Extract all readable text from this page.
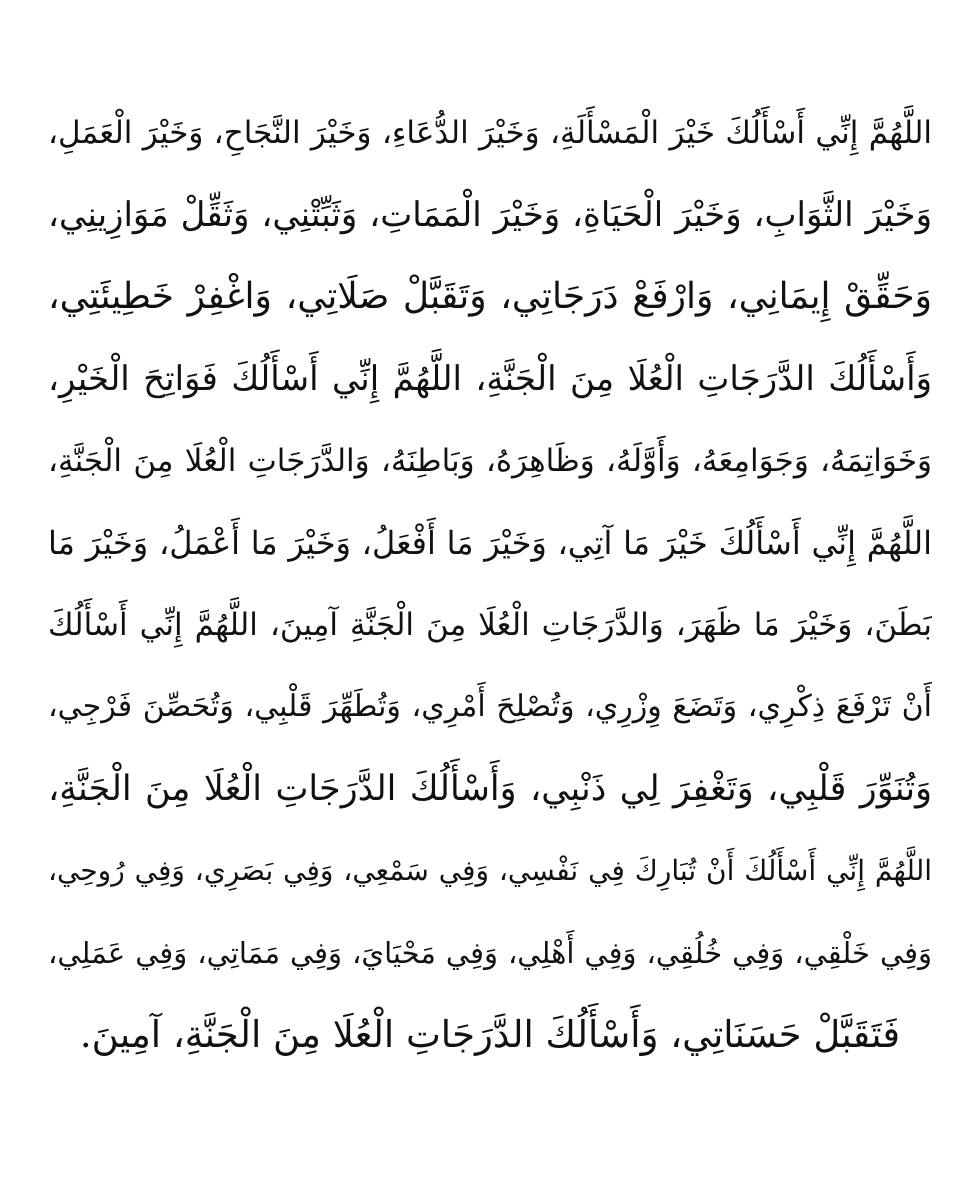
اللَّهُمَّ إِنِّي أَسْأَلُكَ خَيْرَ الْمَسْأَلَةِ، وَخَيْرَ الدُّعَاءِ، وَخَيْرَ النَّجَاحِ، وَخَيْرَ الْعَمَلِ،
وَخَيْرَ الثَّوَابِ، وَخَيْرَ الْحَيَاةِ، وَخَيْرَ الْمَمَاتِ، وَثَبِّتْنِي، وَثَقِّلْ مَوَازِينِي،
وَحَقِّقْ إِيمَانِي، وَارْفَعْ دَرَجَاتِي، وَتَقَبَّلْ صَلَاتِي، وَاغْفِرْ خَطِيئَتِي،
وَأَسْأَلُكَ الدَّرَجَاتِ الْعُلَا مِنَ الْجَنَّةِ، اللَّهُمَّ إِنِّي أَسْأَلُكَ فَوَاتِحَ الْخَيْرِ،
وَخَوَاتِمَهُ، وَجَوَامِعَهُ، وَأَوَّلَهُ، وَظَاهِرَهُ، وَبَاطِنَهُ، وَالدَّرَجَاتِ الْعُلَا مِنَ الْجَنَّةِ،
اللَّهُمَّ إِنِّي أَسْأَلُكَ خَيْرَ مَا آتِي، وَخَيْرَ مَا أَفْعَلُ، وَخَيْرَ مَا أَعْمَلُ، وَخَيْرَ مَا
بَطَنَ، وَخَيْرَ مَا ظَهَرَ، وَالدَّرَجَاتِ الْعُلَا مِنَ الْجَنَّةِ آمِينَ، اللَّهُمَّ إِنِّي أَسْأَلُكَ
أَنْ تَرْفَعَ ذِكْرِي، وَتَضَعَ وِزْرِي، وَتُصْلِحَ أَمْرِي، وَتُطَهِّرَ قَلْبِي، وَتُحَصِّنَ فَرْجِي،
وَتُنَوِّرَ قَلْبِي، وَتَغْفِرَ لِي ذَنْبِي، وَأَسْأَلُكَ الدَّرَجَاتِ الْعُلَا مِنَ الْجَنَّةِ،
اللَّهُمَّ إِنِّي أَسْأَلُكَ أَنْ تُبَارِكَ فِي نَفْسِي، وَفِي سَمْعِي، وَفِي بَصَرِي، وَفِي رُوحِي،
وَفِي خَلْقِي، وَفِي خُلُقِي، وَفِي أَهْلِي، وَفِي مَحْيَايَ، وَفِي مَمَاتِي، وَفِي عَمَلِي،
فَتَقَبَّلْ حَسَنَاتِي، وَأَسْأَلُكَ الدَّرَجَاتِ الْعُلَا مِنَ الْجَنَّةِ، آمِينَ.
